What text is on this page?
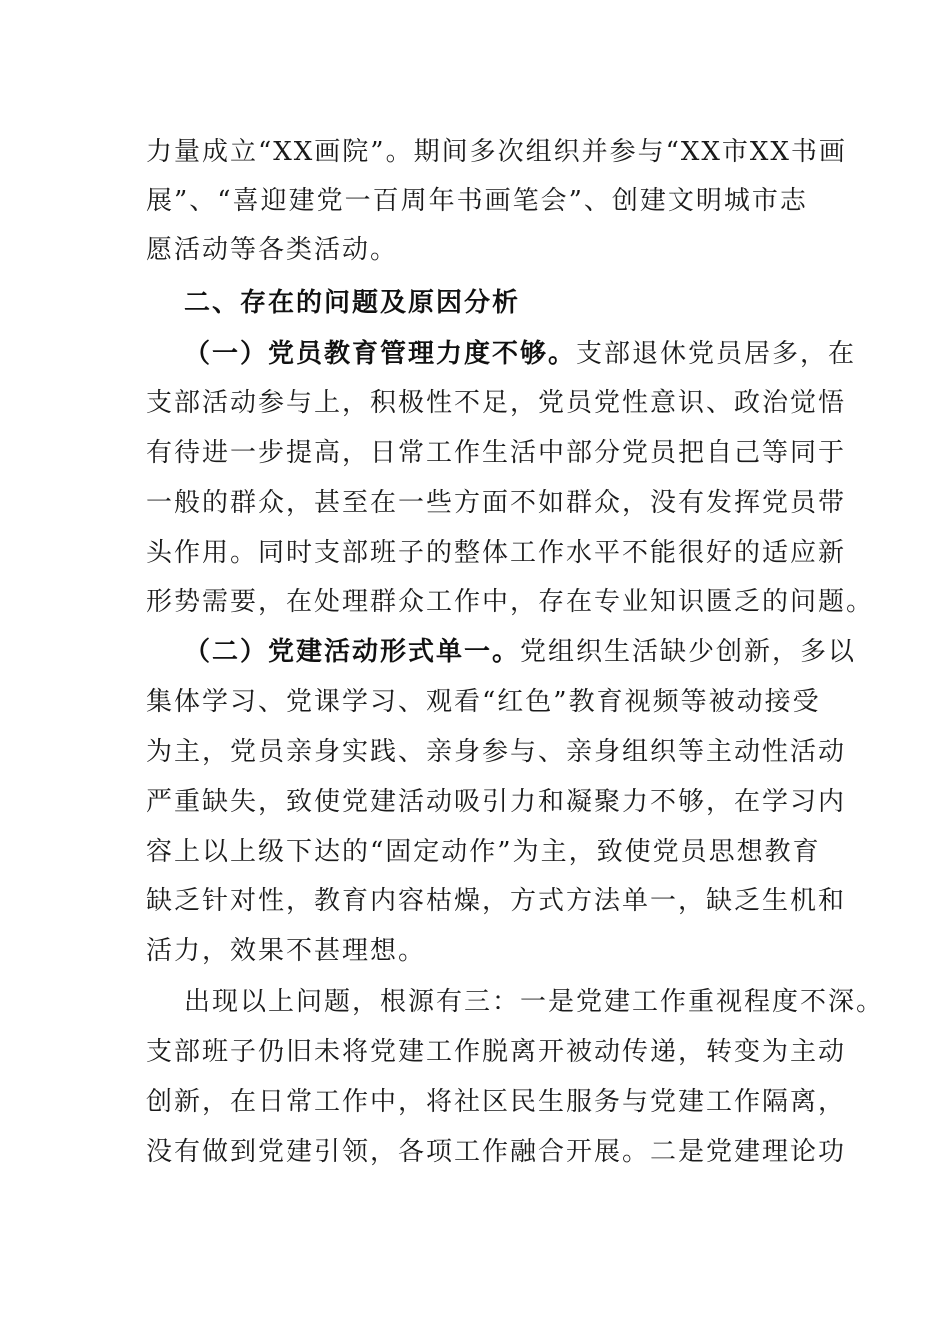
力量成立“XX画院”。期间多次组织并参与“XX市XX书画
展”、“喜迎建党一百周年书画笔会”、创建文明城市志
愿活动等各类活动。
二、存在的问题及原因分析
（一）党员教育管理力度不够。支部退休党员居多，在
支部活动参与上，积极性不足，党员党性意识、政治觉悟
有待进一步提高，日常工作生活中部分党员把自己等同于
一般的群众，甚至在一些方面不如群众，没有发挥党员带
头作用。同时支部班子的整体工作水平不能很好的适应新
形势需要，在处理群众工作中，存在专业知识匮乏的问题。
（二）党建活动形式单一。党组织生活缺少创新，多以
集体学习、党课学习、观看“红色”教育视频等被动接受
为主，党员亲身实践、亲身参与、亲身组织等主动性活动
严重缺失，致使党建活动吸引力和凝聚力不够，在学习内
容上以上级下达的“固定动作”为主，致使党员思想教育
缺乏针对性，教育内容枯燥，方式方法单一，缺乏生机和
活力，效果不甚理想。
出现以上问题，根源有三：一是党建工作重视程度不深。
支部班子仍旧未将党建工作脱离开被动传递，转变为主动
创新，在日常工作中，将社区民生服务与党建工作隔离，
没有做到党建引领，各项工作融合开展。二是党建理论功
